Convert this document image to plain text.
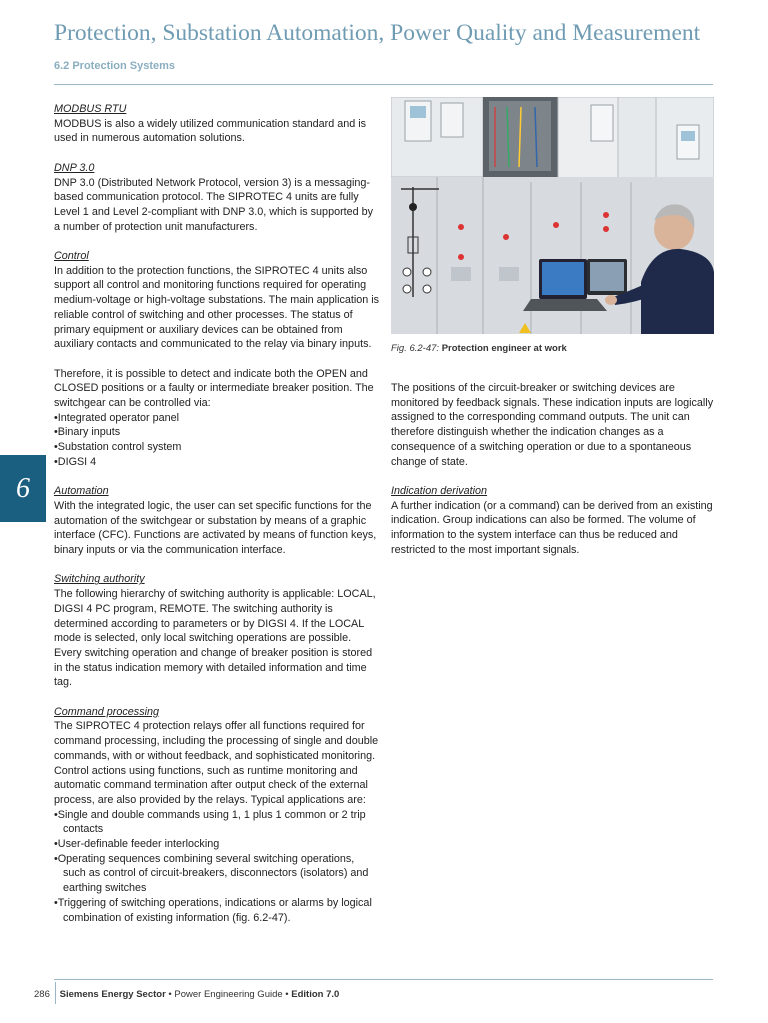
Protection, Substation Automation, Power Quality and Measurement
6.2 Protection Systems
6
MODBUS RTU

MODBUS is also a widely utilized communication standard and is used in numerous automation solutions.

DNP 3.0

DNP 3.0 (Distributed Network Protocol, version 3) is a messaging-based communication protocol. The SIPROTEC 4 units are fully Level 1 and Level 2-compliant with DNP 3.0, which is supported by a number of protection unit manufacturers.

Control

In addition to the protection functions, the SIPROTEC 4 units also support all control and monitoring functions required for operating medium-voltage or high-voltage substations. The main application is reliable control of switching and other processes. The status of primary equipment or auxiliary devices can be obtained from auxiliary contacts and communicated to the relay via binary inputs.

Therefore, it is possible to detect and indicate both the OPEN and CLOSED positions or a faulty or intermediate breaker position. The switchgear can be controlled via:

• Integrated operator panel
• Binary inputs
• Substation control system
• DIGSI 4
Automation

With the integrated logic, the user can set specific functions for the automation of the switchgear or substation by means of a graphic interface (CFC). Functions are activated by means of function keys, binary inputs or via the communication interface.

Switching authority

The following hierarchy of switching authority is applicable: LOCAL, DIGSI 4 PC program, REMOTE. The switching authority is determined according to parameters or by DIGSI 4. If the LOCAL mode is selected, only local switching operations are possible. Every switching operation and change of breaker position is stored in the status indication memory with detailed information and time tag.

Command processing

The SIPROTEC 4 protection relays offer all functions required for command processing, including the processing of single and double commands, with or without feedback, and sophisticated monitoring. Control actions using functions, such as runtime monitoring and automatic command termination after output check of the external process, are also provided by the relays. Typical applications are:

• Single and double commands using 1, 1 plus 1 common or 2 trip contacts
• User-definable feeder interlocking
• Operating sequences combining several switching operations, such as control of circuit-breakers, disconnectors (isolators) and earthing switches
• Triggering of switching operations, indications or alarms by logical combination of existing information (fig. 6.2-47).
Fig. 6.2-47: Protection engineer at work

The positions of the circuit-breaker or switching devices are monitored by feedback signals. These indication inputs are logically assigned to the corresponding command outputs. The unit can therefore distinguish whether the indication changes as a consequence of a switching operation or due to a spontaneous change of state.

Indication derivation

A further indication (or a command) can be derived from an existing indication. Group indications can also be formed. The volume of information to the system interface can thus be reduced and restricted to the most important signals.

286 Siemens Energy Sector • Power Engineering Guide • Edition 7.0
